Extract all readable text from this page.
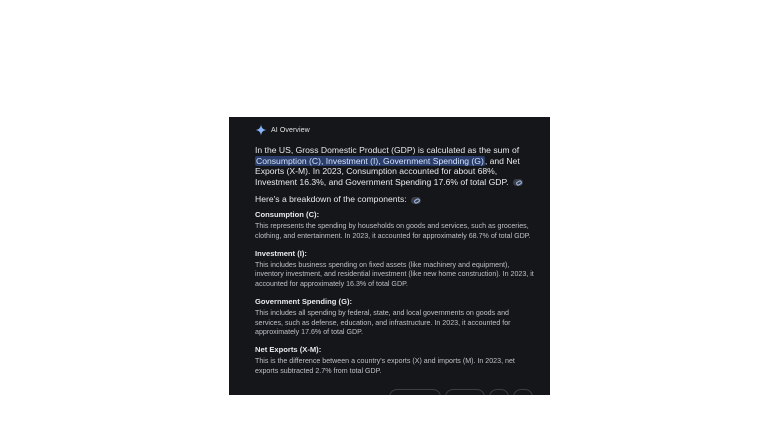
AI Overview

In the US, Gross Domestic Product (GDP) is calculated as the sum of Consumption (C), Investment (I), Government Spending (G), and Net Exports (X-M). In 2023, Consumption accounted for about 68%, Investment 16.3%, and Government Spending 17.6% of total GDP.

Here's a breakdown of the components:

Consumption (C):
This represents the spending by households on goods and services, such as groceries, clothing, and entertainment. In 2023, it accounted for approximately 68.7% of total GDP.
Investment (I):
This includes business spending on fixed assets (like machinery and equipment), inventory investment, and residential investment (like new home construction). In 2023, it accounted for approximately 16.3% of total GDP.
Government Spending (G):
This includes all spending by federal, state, and local governments on goods and services, such as defense, education, and infrastructure. In 2023, it accounted for approximately 17.6% of total GDP.
Net Exports (X-M):
This is the difference between a country's exports (X) and imports (M). In 2023, net exports subtracted 2.7% from total GDP.
